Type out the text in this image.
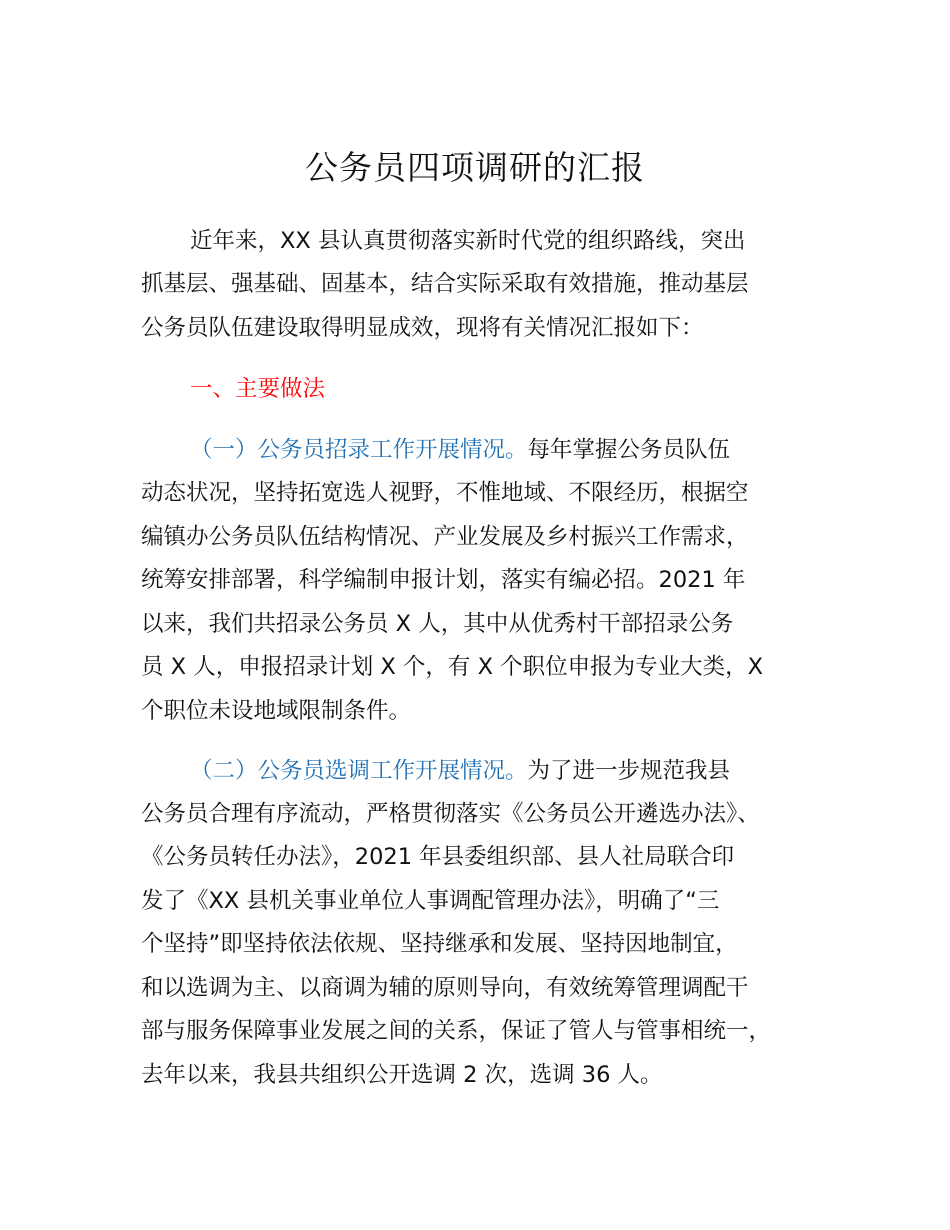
公务员四项调研的汇报
近年来，XX 县认真贯彻落实新时代党的组织路线，突出
抓基层、强基础、固基本，结合实际采取有效措施，推动基层
公务员队伍建设取得明显成效，现将有关情况汇报如下：
一、主要做法
（一）公务员招录工作开展情况。每年掌握公务员队伍
动态状况，坚持拓宽选人视野，不惟地域、不限经历，根据空
编镇办公务员队伍结构情况、产业发展及乡村振兴工作需求，
统筹安排部署，科学编制申报计划，落实有编必招。2021 年
以来，我们共招录公务员 X 人，其中从优秀村干部招录公务
员 X 人，申报招录计划 X 个，有 X 个职位申报为专业大类，X
个职位未设地域限制条件。
（二）公务员选调工作开展情况。为了进一步规范我县
公务员合理有序流动，严格贯彻落实《公务员公开遴选办法》、
《公务员转任办法》，2021 年县委组织部、县人社局联合印
发了《XX 县机关事业单位人事调配管理办法》，明确了“三
个坚持”即坚持依法依规、坚持继承和发展、坚持因地制宜，
和以选调为主、以商调为辅的原则导向，有效统筹管理调配干
部与服务保障事业发展之间的关系，保证了管人与管事相统一，
去年以来，我县共组织公开选调 2 次，选调 36 人。
